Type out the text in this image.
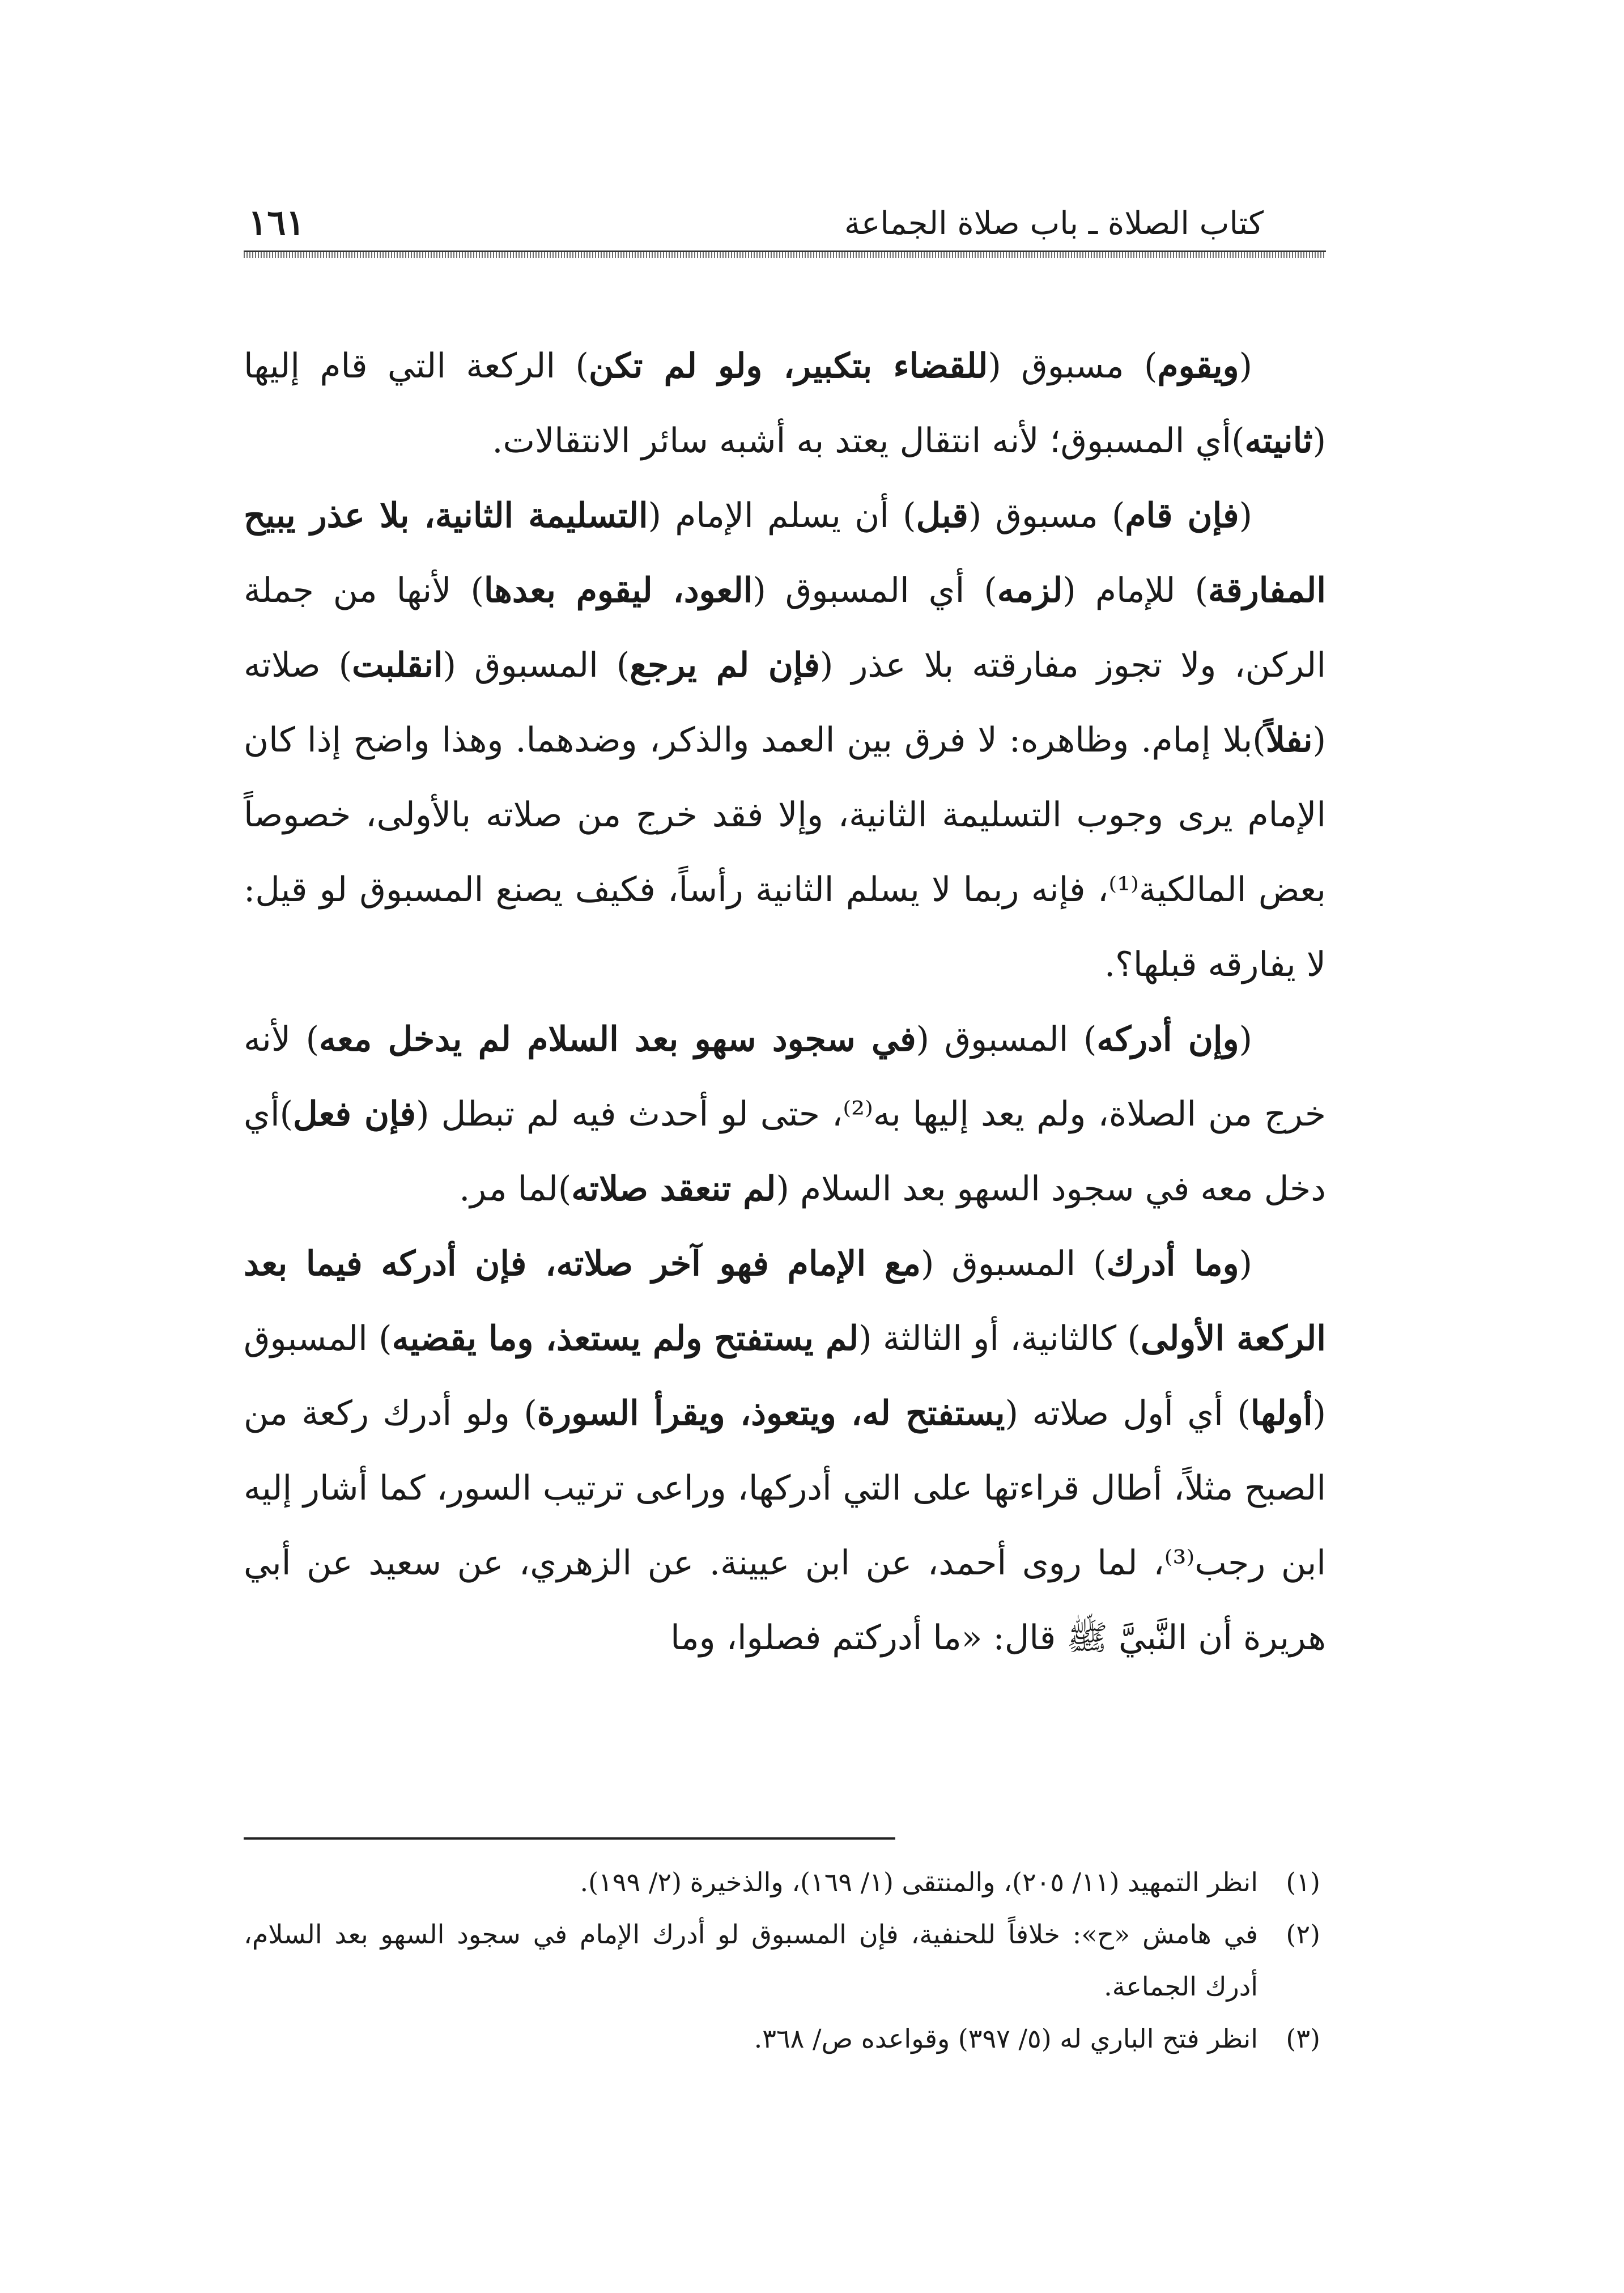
كتاب الصلاة ـ باب صلاة الجماعة
١٦١

(ويقوم) مسبوق (للقضاء بتكبير، ولو لم تكن) الركعة التي قام إليها (ثانيته)أي المسبوق؛ لأنه انتقال يعتد به أشبه سائر الانتقالات.

(فإن قام) مسبوق (قبل) أن يسلم الإمام (التسليمة الثانية، بلا عذر يبيح المفارقة) للإمام (لزمه) أي المسبوق (العود، ليقوم بعدها) لأنها من جملة الركن، ولا تجوز مفارقته بلا عذر (فإن لم يرجع) المسبوق (انقلبت) صلاته (نفلاً)بلا إمام. وظاهره: لا فرق بين العمد والذكر، وضدهما. وهذا واضح إذا كان الإمام يرى وجوب التسليمة الثانية، وإلا فقد خرج من صلاته بالأولى، خصوصاً بعض المالكية⁽¹⁾، فإنه ربما لا يسلم الثانية رأساً، فكيف يصنع المسبوق لو قيل: لا يفارقه قبلها؟.

(وإن أدركه) المسبوق (في سجود سهو بعد السلام لم يدخل معه) لأنه خرج من الصلاة، ولم يعد إليها به⁽²⁾، حتى لو أحدث فيه لم تبطل (فإن فعل)أي دخل معه في سجود السهو بعد السلام (لم تنعقد صلاته)لما مر.

(وما أدرك) المسبوق (مع الإمام فهو آخر صلاته، فإن أدركه فيما بعد الركعة الأولى) كالثانية، أو الثالثة (لم يستفتح ولم يستعذ، وما يقضيه) المسبوق (أولها) أي أول صلاته (يستفتح له، ويتعوذ، ويقرأ السورة) ولو أدرك ركعة من الصبح مثلاً، أطال قراءتها على التي أدركها، وراعى ترتيب السور، كما أشار إليه ابن رجب⁽³⁾، لما روى أحمد، عن ابن عيينة. عن الزهري، عن سعيد عن أبي هريرة أن النَّبيَّ ﷺ قال: «ما أدركتم فصلوا، وما

(١)
انظر التمهيد (١١/ ٢٠٥)، والمنتقى (١/ ١٦٩)، والذخيرة (٢/ ١٩٩).
(٢)
في هامش «ح»: خلافاً للحنفية، فإن المسبوق لو أدرك الإمام في سجود السهو بعد السلام، أدرك الجماعة.
(٣)
انظر فتح الباري له (٥/ ٣٩٧) وقواعده ص/ ٣٦٨.
